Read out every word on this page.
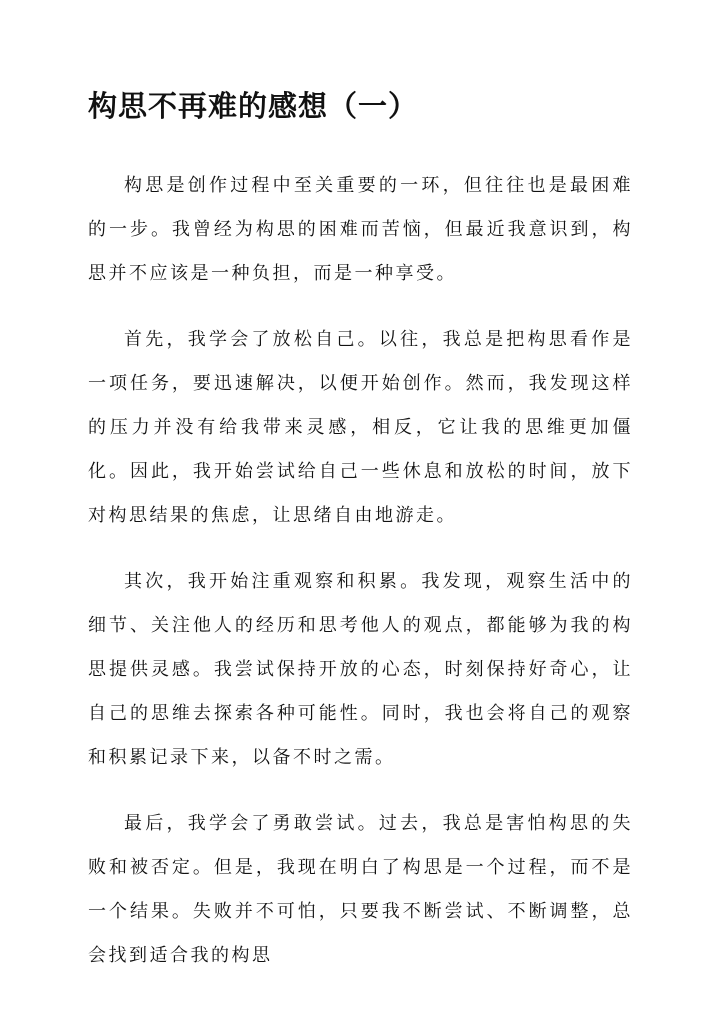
构思不再难的感想（一）

构思是创作过程中至关重要的一环，但往往也是最困难的一步。我曾经为构思的困难而苦恼，但最近我意识到，构思并不应该是一种负担，而是一种享受。

首先，我学会了放松自己。以往，我总是把构思看作是一项任务，要迅速解决，以便开始创作。然而，我发现这样的压力并没有给我带来灵感，相反，它让我的思维更加僵化。因此，我开始尝试给自己一些休息和放松的时间，放下对构思结果的焦虑，让思绪自由地游走。

其次，我开始注重观察和积累。我发现，观察生活中的细节、关注他人的经历和思考他人的观点，都能够为我的构思提供灵感。我尝试保持开放的心态，时刻保持好奇心，让自己的思维去探索各种可能性。同时，我也会将自己的观察和积累记录下来，以备不时之需。

最后，我学会了勇敢尝试。过去，我总是害怕构思的失败和被否定。但是，我现在明白了构思是一个过程，而不是一个结果。失败并不可怕，只要我不断尝试、不断调整，总会找到适合我的构思
